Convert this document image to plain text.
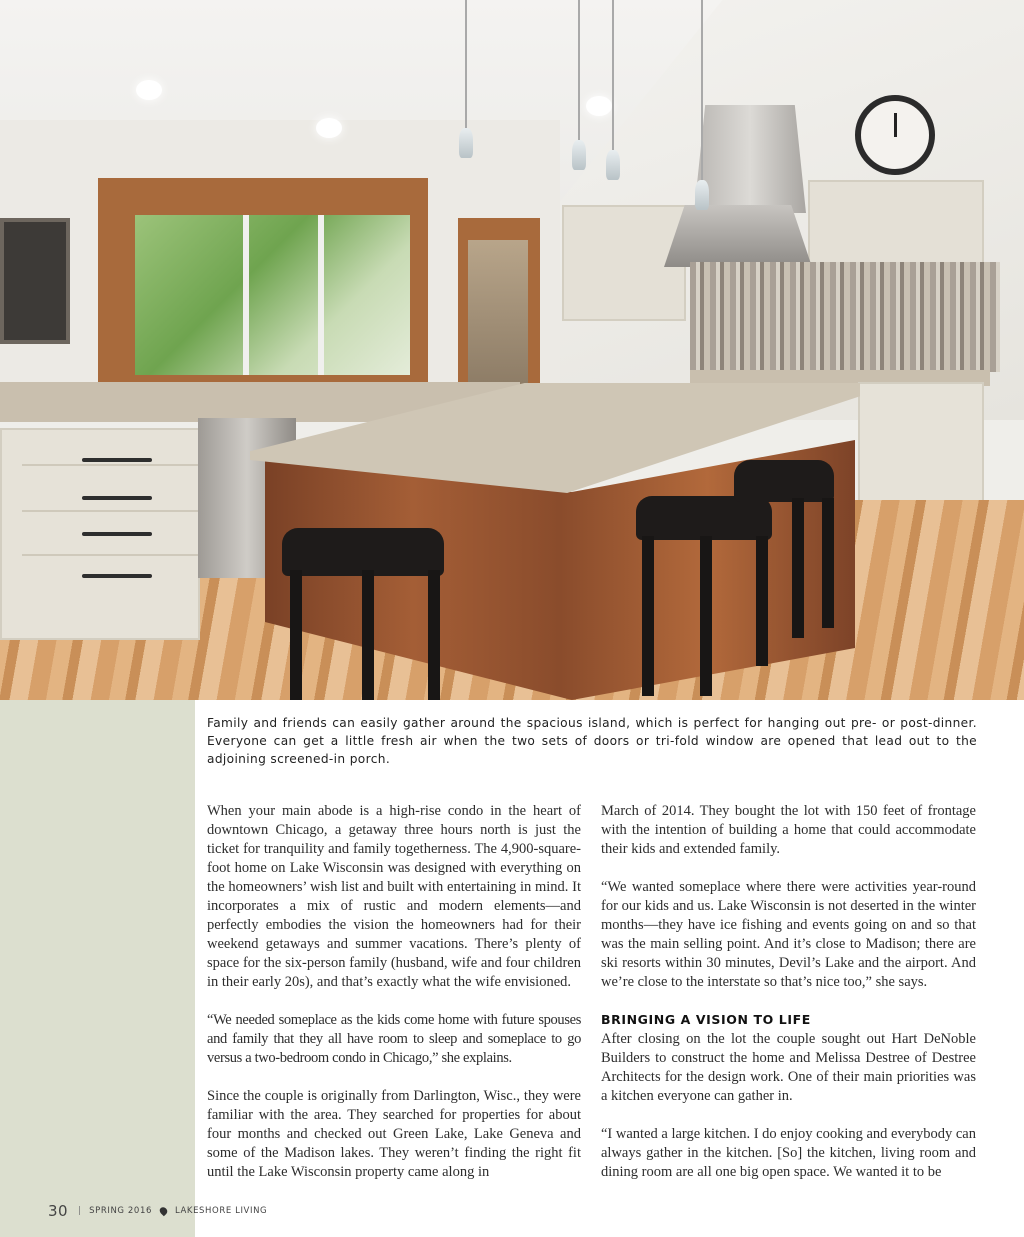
Family and friends can easily gather around the spacious island, which is perfect for hanging out pre- or post-dinner. Everyone can get a little fresh air when the two sets of doors or tri-fold window are opened that lead out to the adjoining screened-in porch.

When your main abode is a high-rise condo in the heart of downtown Chicago, a getaway three hours north is just the ticket for tranquility and family togetherness. The 4,900-square-foot home on Lake Wisconsin was designed with everything on the homeowners’ wish list and built with entertaining in mind. It incorporates a mix of rustic and modern elements—and perfectly embodies the vision the homeowners had for their weekend getaways and summer vacations. There’s plenty of space for the six-person family (husband, wife and four children in their early 20s), and that’s exactly what the wife envisioned.

“We needed someplace as the kids come home with future spouses and family that they all have room to sleep and someplace to go versus a two-bedroom condo in Chicago,” she explains.

Since the couple is originally from Darlington, Wisc., they were familiar with the area. They searched for properties for about four months and checked out Green Lake, Lake Geneva and some of the Madison lakes. They weren’t finding the right fit until the Lake Wisconsin property came along in

March of 2014. They bought the lot with 150 feet of frontage with the intention of building a home that could accommodate their kids and extended family.

“We wanted someplace where there were activities year-round for our kids and us. Lake Wisconsin is not deserted in the winter months—they have ice fishing and events going on and so that was the main selling point. And it’s close to Madison; there are ski resorts within 30 minutes, Devil’s Lake and the airport. And we’re close to the interstate so that’s nice too,” she says.

BRINGING A VISION TO LIFE

After closing on the lot the couple sought out Hart DeNoble Builders to construct the home and Melissa Destree of Destree Architects for the design work. One of their main priorities was a kitchen everyone can gather in.

“I wanted a large kitchen. I do enjoy cooking and everybody can always gather in the kitchen. [So] the kitchen, living room and dining room are all one big open space. We wanted it to be

30 | SPRING 2016	LAKESHORE LIVING
